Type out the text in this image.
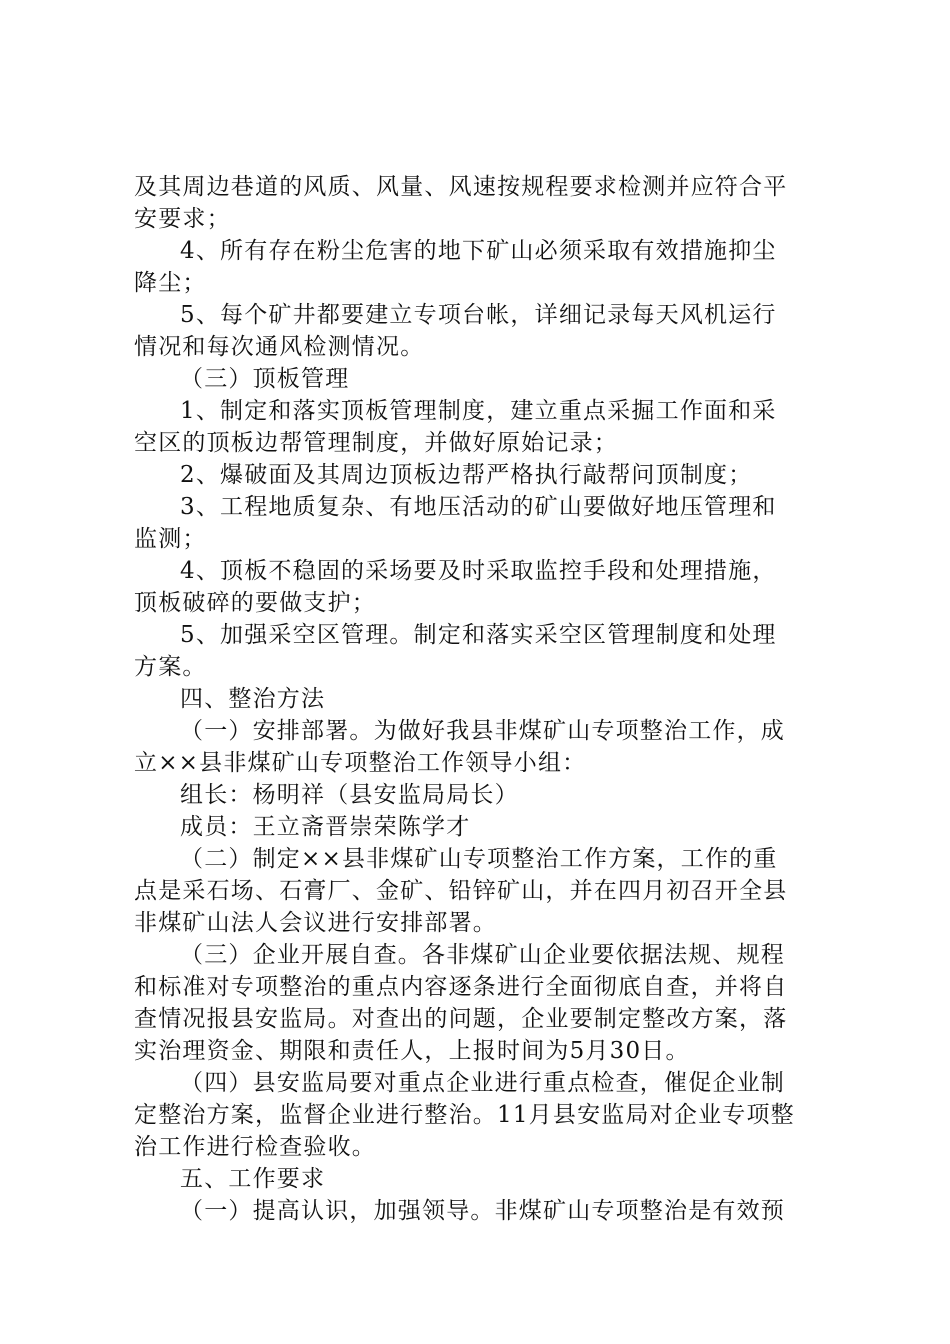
及其周边巷道的风质、风量、风速按规程要求检测并应符合平
安要求；
4、所有存在粉尘危害的地下矿山必须采取有效措施抑尘
降尘；
5、每个矿井都要建立专项台帐，详细记录每天风机运行
情况和每次通风检测情况。
（三）顶板管理
1、制定和落实顶板管理制度，建立重点采掘工作面和采
空区的顶板边帮管理制度，并做好原始记录；
2、爆破面及其周边顶板边帮严格执行敲帮问顶制度；
3、工程地质复杂、有地压活动的矿山要做好地压管理和
监测；
4、顶板不稳固的采场要及时采取监控手段和处理措施，
顶板破碎的要做支护；
5、加强采空区管理。制定和落实采空区管理制度和处理
方案。
四、整治方法
（一）安排部署。为做好我县非煤矿山专项整治工作，成
立××县非煤矿山专项整治工作领导小组：
组长：杨明祥（县安监局局长）
成员：王立斋晋崇荣陈学才
（二）制定××县非煤矿山专项整治工作方案，工作的重
点是采石场、石膏厂、金矿、铅锌矿山，并在四月初召开全县
非煤矿山法人会议进行安排部署。
（三）企业开展自查。各非煤矿山企业要依据法规、规程
和标准对专项整治的重点内容逐条进行全面彻底自查，并将自
查情况报县安监局。对查出的问题，企业要制定整改方案，落
实治理资金、期限和责任人，上报时间为5月30日。
（四）县安监局要对重点企业进行重点检查，催促企业制
定整治方案，监督企业进行整治。11月县安监局对企业专项整
治工作进行检查验收。
五、工作要求
（一）提高认识，加强领导。非煤矿山专项整治是有效预
